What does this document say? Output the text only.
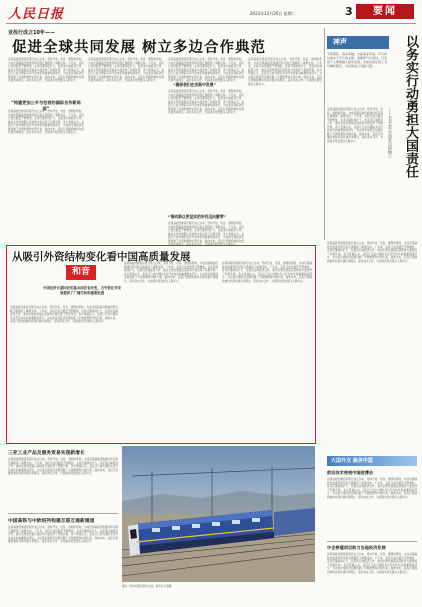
人民日报	2023年12月26日 星期二	3	要闻
亚投行成立10年——
促进全球共同发展 树立多边合作典范
亚洲基础设施投资银行成立以来，坚持开放、包容、透明的原则，为成员国基础设施建设和互联互通提供了重要支持。十年来，亚投行成员数量不断增加，业务范围持续扩大，在促进区域经济合作、推动全球发展倡议落地等方面发挥了积极作用。各方普遍认为，亚投行已成为国际多边开发体系的重要组成部分，为完善全球经济治理贡献了中国智慧和中国方案。面向未来，亚投行将继续秉持共商共建共享理念，深化务实合作，为各国共同发展注入新动力。
“构建更加公平与包容的国际合作新局面”
亚洲基础设施投资银行成立以来，坚持开放、包容、透明的原则，为成员国基础设施建设和互联互通提供了重要支持。十年来，亚投行成员数量不断增加，业务范围持续扩大，在促进区域经济合作、推动全球发展倡议落地等方面发挥了积极作用。各方普遍认为，亚投行已成为国际多边开发体系的重要组成部分，为完善全球经济治理贡献了中国智慧和中国方案。面向未来，亚投行将继续秉持共商共建共享理念，深化务实合作，为各国共同发展注入新动力。
亚洲基础设施投资银行成立以来，坚持开放、包容、透明的原则，为成员国基础设施建设和互联互通提供了重要支持。十年来，亚投行成员数量不断增加，业务范围持续扩大，在促进区域经济合作、推动全球发展倡议落地等方面发挥了积极作用。各方普遍认为，亚投行已成为国际多边开发体系的重要组成部分，为完善全球经济治理贡献了中国智慧和中国方案。面向未来，亚投行将继续秉持共商共建共享理念，深化务实合作，为各国共同发展注入新动力。
亚洲基础设施投资银行成立以来，坚持开放、包容、透明的原则，为成员国基础设施建设和互联互通提供了重要支持。十年来，亚投行成员数量不断增加，业务范围持续扩大，在促进区域经济合作、推动全球发展倡议落地等方面发挥了积极作用。各方普遍认为，亚投行已成为国际多边开发体系的重要组成部分，为完善全球经济治理贡献了中国智慧和中国方案。面向未来，亚投行将继续秉持共商共建共享理念，深化务实合作，为各国共同发展注入新动力。
“确保我们在实践中发展”
亚洲基础设施投资银行成立以来，坚持开放、包容、透明的原则，为成员国基础设施建设和互联互通提供了重要支持。十年来，亚投行成员数量不断增加，业务范围持续扩大，在促进区域经济合作、推动全球发展倡议落地等方面发挥了积极作用。各方普遍认为，亚投行已成为国际多边开发体系的重要组成部分，为完善全球经济治理贡献了中国智慧和中国方案。面向未来，亚投行将继续秉持共商共建共享理念，深化务实合作，为各国共同发展注入新动力。
“推动新以更坚实的步伐迈向繁荣”
亚洲基础设施投资银行成立以来，坚持开放、包容、透明的原则，为成员国基础设施建设和互联互通提供了重要支持。十年来，亚投行成员数量不断增加，业务范围持续扩大，在促进区域经济合作、推动全球发展倡议落地等方面发挥了积极作用。各方普遍认为，亚投行已成为国际多边开发体系的重要组成部分，为完善全球经济治理贡献了中国智慧和中国方案。面向未来，亚投行将继续秉持共商共建共享理念，深化务实合作，为各国共同发展注入新动力。
亚洲基础设施投资银行成立以来，坚持开放、包容、透明的原则，为成员国基础设施建设和互联互通提供了重要支持。十年来，亚投行成员数量不断增加，业务范围持续扩大，在促进区域经济合作、推动全球发展倡议落地等方面发挥了积极作用。各方普遍认为，亚投行已成为国际多边开发体系的重要组成部分，为完善全球经济治理贡献了中国智慧和中国方案。面向未来，亚投行将继续秉持共商共建共享理念，深化务实合作，为各国共同发展注入新动力。
神声
不辞艰险，追求卓越，方能事业有成。平凡岗位做出不平凡的业绩，需要勇气与坚持。只有把个人理想融入国家发展，才能在新征程上书写精彩篇章，为民族复兴贡献力量。	以务实行动勇担大国责任
——2023年中国外交回顾①
亚洲基础设施投资银行成立以来，坚持开放、包容、透明的原则，为成员国基础设施建设和互联互通提供了重要支持。十年来，亚投行成员数量不断增加，业务范围持续扩大，在促进区域经济合作、推动全球发展倡议落地等方面发挥了积极作用。各方普遍认为，亚投行已成为国际多边开发体系的重要组成部分，为完善全球经济治理贡献了中国智慧和中国方案。面向未来，亚投行将继续秉持共商共建共享理念，深化务实合作，为各国共同发展注入新动力。
亚洲基础设施投资银行成立以来，坚持开放、包容、透明的原则，为成员国基础设施建设和互联互通提供了重要支持。十年来，亚投行成员数量不断增加，业务范围持续扩大，在促进区域经济合作、推动全球发展倡议落地等方面发挥了积极作用。各方普遍认为，亚投行已成为国际多边开发体系的重要组成部分，为完善全球经济治理贡献了中国智慧和中国方案。面向未来，亚投行将继续秉持共商共建共享理念，深化务实合作，为各国共同发展注入新动力。
从吸引外资结构变化看中国高质量发展
和音
中国经济长期向好的基本面没有改变，为外资在华发展提供了广阔空间和重要机遇
亚洲基础设施投资银行成立以来，坚持开放、包容、透明的原则，为成员国基础设施建设和互联互通提供了重要支持。十年来，亚投行成员数量不断增加，业务范围持续扩大，在促进区域经济合作、推动全球发展倡议落地等方面发挥了积极作用。各方普遍认为，亚投行已成为国际多边开发体系的重要组成部分，为完善全球经济治理贡献了中国智慧和中国方案。面向未来，亚投行将继续秉持共商共建共享理念，深化务实合作，为各国共同发展注入新动力。
亚洲基础设施投资银行成立以来，坚持开放、包容、透明的原则，为成员国基础设施建设和互联互通提供了重要支持。十年来，亚投行成员数量不断增加，业务范围持续扩大，在促进区域经济合作、推动全球发展倡议落地等方面发挥了积极作用。各方普遍认为，亚投行已成为国际多边开发体系的重要组成部分，为完善全球经济治理贡献了中国智慧和中国方案。面向未来，亚投行将继续秉持共商共建共享理念，深化务实合作，为各国共同发展注入新动力。
亚洲基础设施投资银行成立以来，坚持开放、包容、透明的原则，为成员国基础设施建设和互联互通提供了重要支持。十年来，亚投行成员数量不断增加，业务范围持续扩大，在促进区域经济合作、推动全球发展倡议落地等方面发挥了积极作用。各方普遍认为，亚投行已成为国际多边开发体系的重要组成部分，为完善全球经济治理贡献了中国智慧和中国方案。面向未来，亚投行将继续秉持共商共建共享理念，深化务实合作，为各国共同发展注入新动力。
大国外交 最美中国
三亚工业产品及服务贸易实现新增长
亚洲基础设施投资银行成立以来，坚持开放、包容、透明的原则，为成员国基础设施建设和互联互通提供了重要支持。十年来，亚投行成员数量不断增加，业务范围持续扩大，在促进区域经济合作、推动全球发展倡议落地等方面发挥了积极作用。各方普遍认为，亚投行已成为国际多边开发体系的重要组成部分，为完善全球经济治理贡献了中国智慧和中国方案。面向未来，亚投行将继续秉持共商共建共享理念，深化务实合作，为各国共同发展注入新动力。
中国高铁与中欧班列构建互联互通新通道
亚洲基础设施投资银行成立以来，坚持开放、包容、透明的原则，为成员国基础设施建设和互联互通提供了重要支持。十年来，亚投行成员数量不断增加，业务范围持续扩大，在促进区域经济合作、推动全球发展倡议落地等方面发挥了积极作用。各方普遍认为，亚投行已成为国际多边开发体系的重要组成部分，为完善全球经济治理贡献了中国智慧和中国方案。面向未来，亚投行将继续秉持共商共建共享理念，深化务实合作，为各国共同发展注入新动力。
图为一列中欧班列驶出车站。新华社记者摄
前沿技术亮相中国进博会
亚洲基础设施投资银行成立以来，坚持开放、包容、透明的原则，为成员国基础设施建设和互联互通提供了重要支持。十年来，亚投行成员数量不断增加，业务范围持续扩大，在促进区域经济合作、推动全球发展倡议落地等方面发挥了积极作用。各方普遍认为，亚投行已成为国际多边开发体系的重要组成部分，为完善全球经济治理贡献了中国智慧和中国方案。面向未来，亚投行将继续秉持共商共建共享理念，深化务实合作，为各国共同发展注入新动力。
中企参建项目助力当地经济发展
亚洲基础设施投资银行成立以来，坚持开放、包容、透明的原则，为成员国基础设施建设和互联互通提供了重要支持。十年来，亚投行成员数量不断增加，业务范围持续扩大，在促进区域经济合作、推动全球发展倡议落地等方面发挥了积极作用。各方普遍认为，亚投行已成为国际多边开发体系的重要组成部分，为完善全球经济治理贡献了中国智慧和中国方案。面向未来，亚投行将继续秉持共商共建共享理念，深化务实合作，为各国共同发展注入新动力。
